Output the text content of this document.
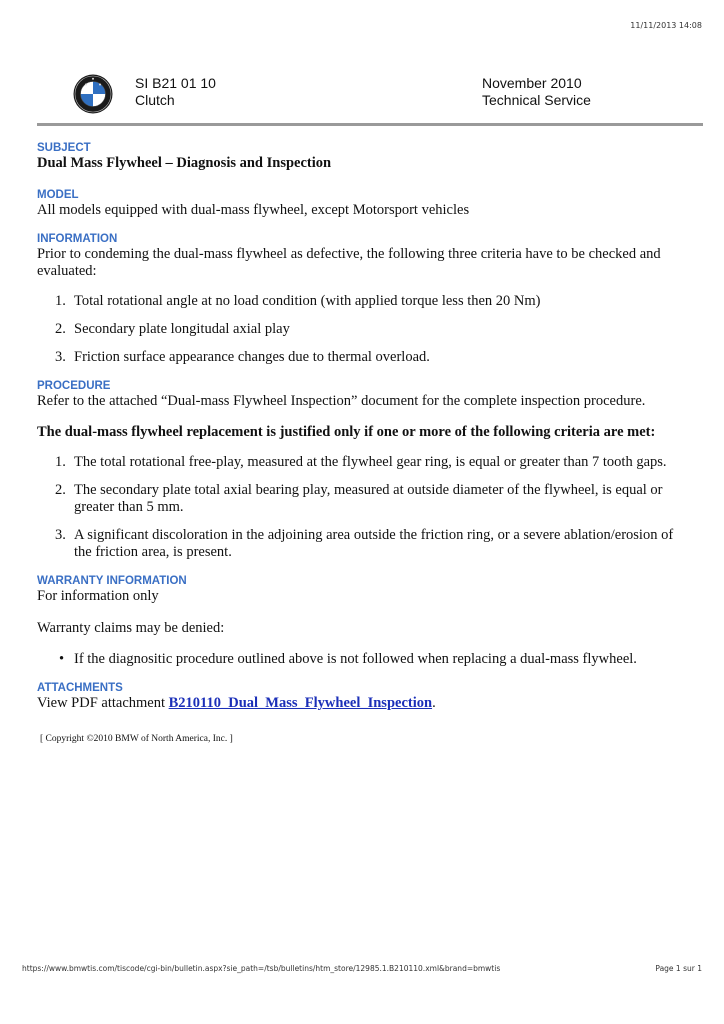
11/11/2013 14:08
SI B21 01 10
Clutch
November 2010
Technical Service

SUBJECT

Dual Mass Flywheel – Diagnosis and Inspection

MODEL

All models equipped with dual-mass flywheel, except Motorsport vehicles

INFORMATION

Prior to condeming the dual-mass flywheel as defective, the following three criteria have to be checked and

evaluated:

1. Total rotational angle at no load condition (with applied torque less then 20 Nm)
2. Secondary plate longitudal axial play
3. Friction surface appearance changes due to thermal overload.

PROCEDURE

Refer to the attached “Dual-mass Flywheel Inspection” document for the complete inspection procedure.

The dual-mass flywheel replacement is justified only if one or more of the following criteria are met:

1. The total rotational free-play, measured at the flywheel gear ring, is equal or greater than 7 tooth gaps.
2. The secondary plate total axial bearing play, measured at outside diameter of the flywheel, is equal or
greater than 5 mm.
3. A significant discoloration in the adjoining area outside the friction ring, or a severe ablation/erosion of
the friction area, is present.

WARRANTY INFORMATION

For information only

Warranty claims may be denied:

• If the diagnositic procedure outlined above is not followed when replacing a dual-mass flywheel.

ATTACHMENTS

View PDF attachment B210110_Dual_Mass_Flywheel_Inspection.

[ Copyright ©2010 BMW of North America, Inc. ]

https://www.bmwtis.com/tiscode/cgi-bin/bulletin.aspx?sie_path=/tsb/bulletins/htm_store/12985.1.B210110.xml&brand=bmwtis	Page 1 sur 1
